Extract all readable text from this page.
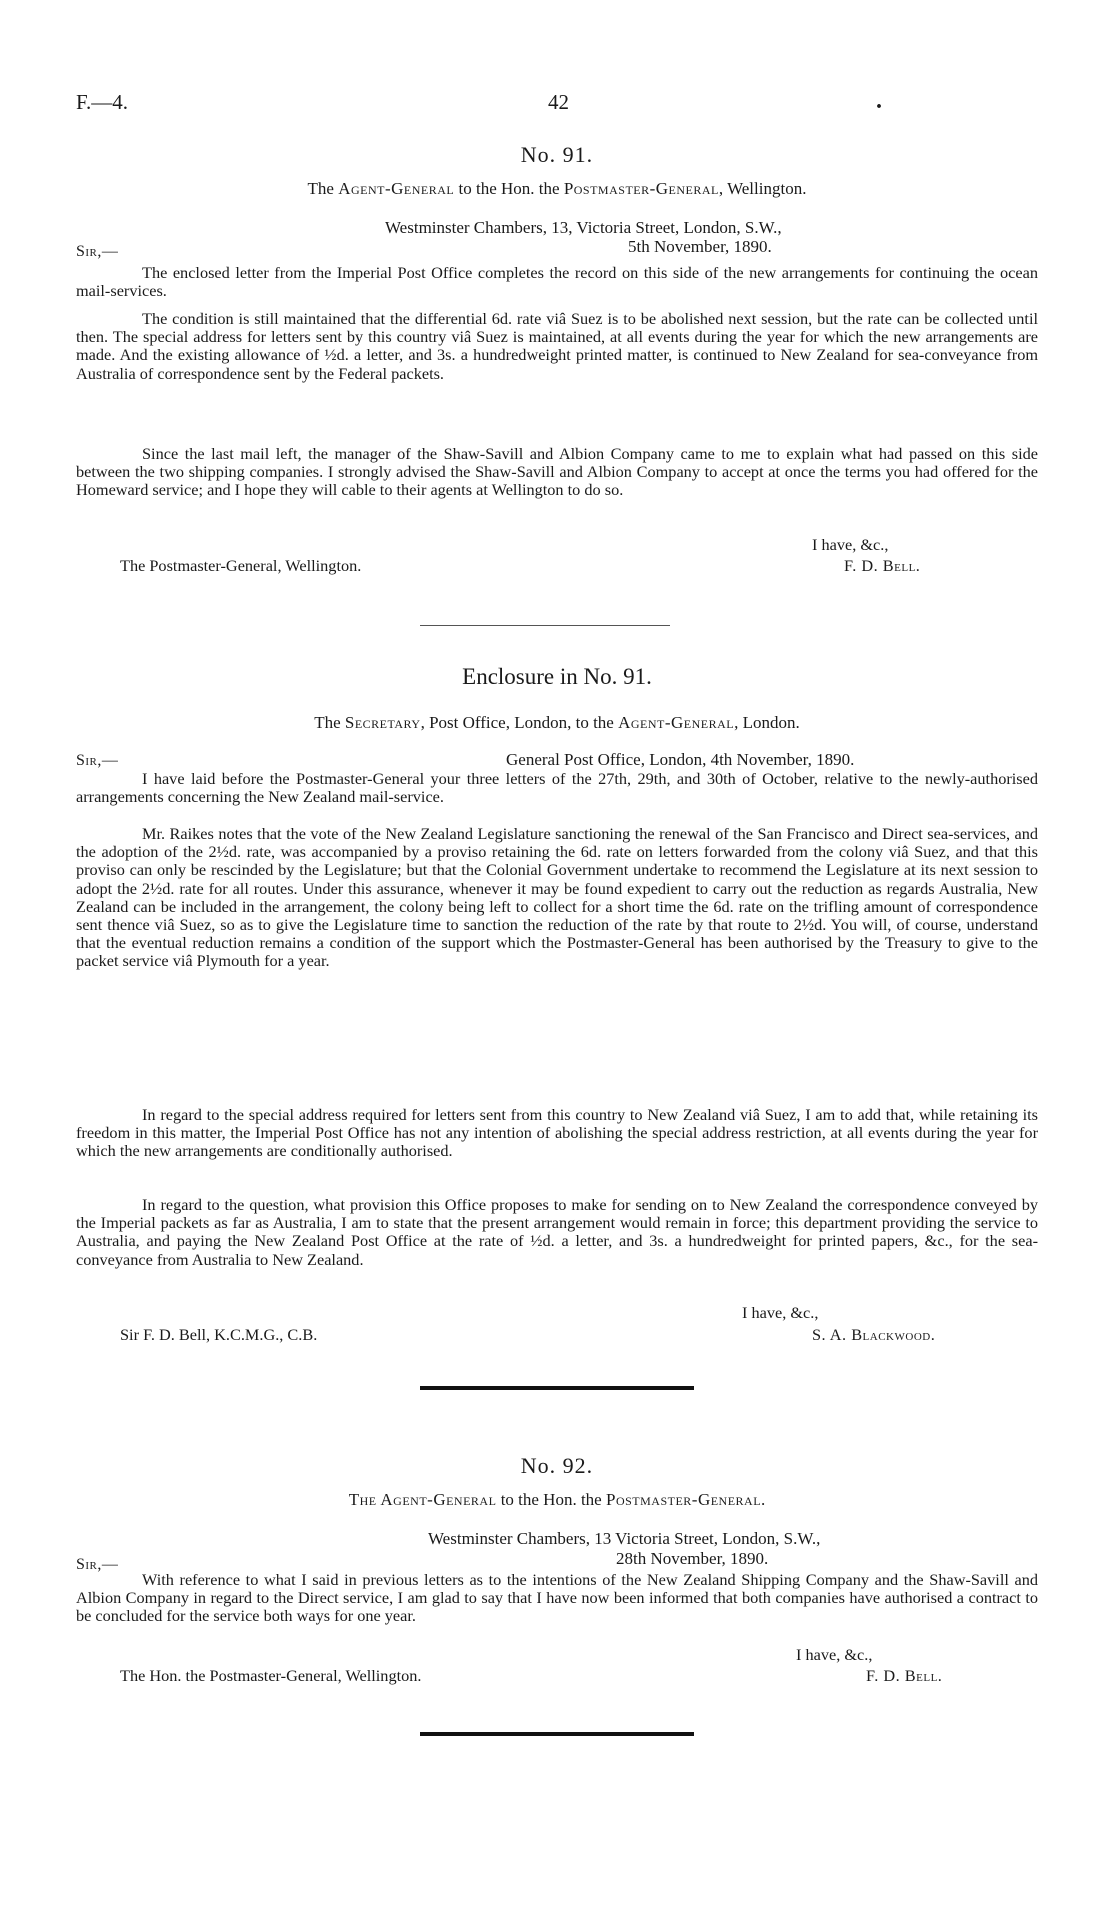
F.—4.	42	.
No. 91.
The Agent-General to the Hon. the Postmaster-General, Wellington.
Westminster Chambers, 13, Victoria Street, London, S.W.,
5th November, 1890.
Sir,—
The enclosed letter from the Imperial Post Office completes the record on this side of the new arrangements for continuing the ocean mail-services.
The condition is still maintained that the differential 6d. rate viâ Suez is to be abolished next session, but the rate can be collected until then. The special address for letters sent by this country viâ Suez is maintained, at all events during the year for which the new arrangements are made. And the existing allowance of ½d. a letter, and 3s. a hundredweight printed matter, is continued to New Zealand for sea-conveyance from Australia of correspondence sent by the Federal packets.
Since the last mail left, the manager of the Shaw-Savill and Albion Company came to me to explain what had passed on this side between the two shipping companies. I strongly advised the Shaw-Savill and Albion Company to accept at once the terms you had offered for the Homeward service; and I hope they will cable to their agents at Wellington to do so.
I have, &c.,
The Postmaster-General, Wellington.	F. D. Bell.
Enclosure in No. 91.
The Secretary, Post Office, London, to the Agent-General, London.
Sir,—	General Post Office, London, 4th November, 1890.
I have laid before the Postmaster-General your three letters of the 27th, 29th, and 30th of October, relative to the newly-authorised arrangements concerning the New Zealand mail-service.
Mr. Raikes notes that the vote of the New Zealand Legislature sanctioning the renewal of the San Francisco and Direct sea-services, and the adoption of the 2½d. rate, was accompanied by a proviso retaining the 6d. rate on letters forwarded from the colony viâ Suez, and that this proviso can only be rescinded by the Legislature; but that the Colonial Government undertake to recommend the Legislature at its next session to adopt the 2½d. rate for all routes. Under this assurance, whenever it may be found expedient to carry out the reduction as regards Australia, New Zealand can be included in the arrangement, the colony being left to collect for a short time the 6d. rate on the trifling amount of correspondence sent thence viâ Suez, so as to give the Legislature time to sanction the reduction of the rate by that route to 2½d. You will, of course, understand that the eventual reduction remains a condition of the support which the Postmaster-General has been authorised by the Treasury to give to the packet service viâ Plymouth for a year.
In regard to the special address required for letters sent from this country to New Zealand viâ Suez, I am to add that, while retaining its freedom in this matter, the Imperial Post Office has not any intention of abolishing the special address restriction, at all events during the year for which the new arrangements are conditionally authorised.
In regard to the question, what provision this Office proposes to make for sending on to New Zealand the correspondence conveyed by the Imperial packets as far as Australia, I am to state that the present arrangement would remain in force; this department providing the service to Australia, and paying the New Zealand Post Office at the rate of ½d. a letter, and 3s. a hundredweight for printed papers, &c., for the sea-conveyance from Australia to New Zealand.
I have, &c.,
Sir F. D. Bell, K.C.M.G., C.B.	S. A. Blackwood.
No. 92.
The Agent-General to the Hon. the Postmaster-General.
Westminster Chambers, 13 Victoria Street, London, S.W.,
28th November, 1890.
Sir,—
With reference to what I said in previous letters as to the intentions of the New Zealand Shipping Company and the Shaw-Savill and Albion Company in regard to the Direct service, I am glad to say that I have now been informed that both companies have authorised a contract to be concluded for the service both ways for one year.
I have, &c.,
The Hon. the Postmaster-General, Wellington.	F. D. Bell.
